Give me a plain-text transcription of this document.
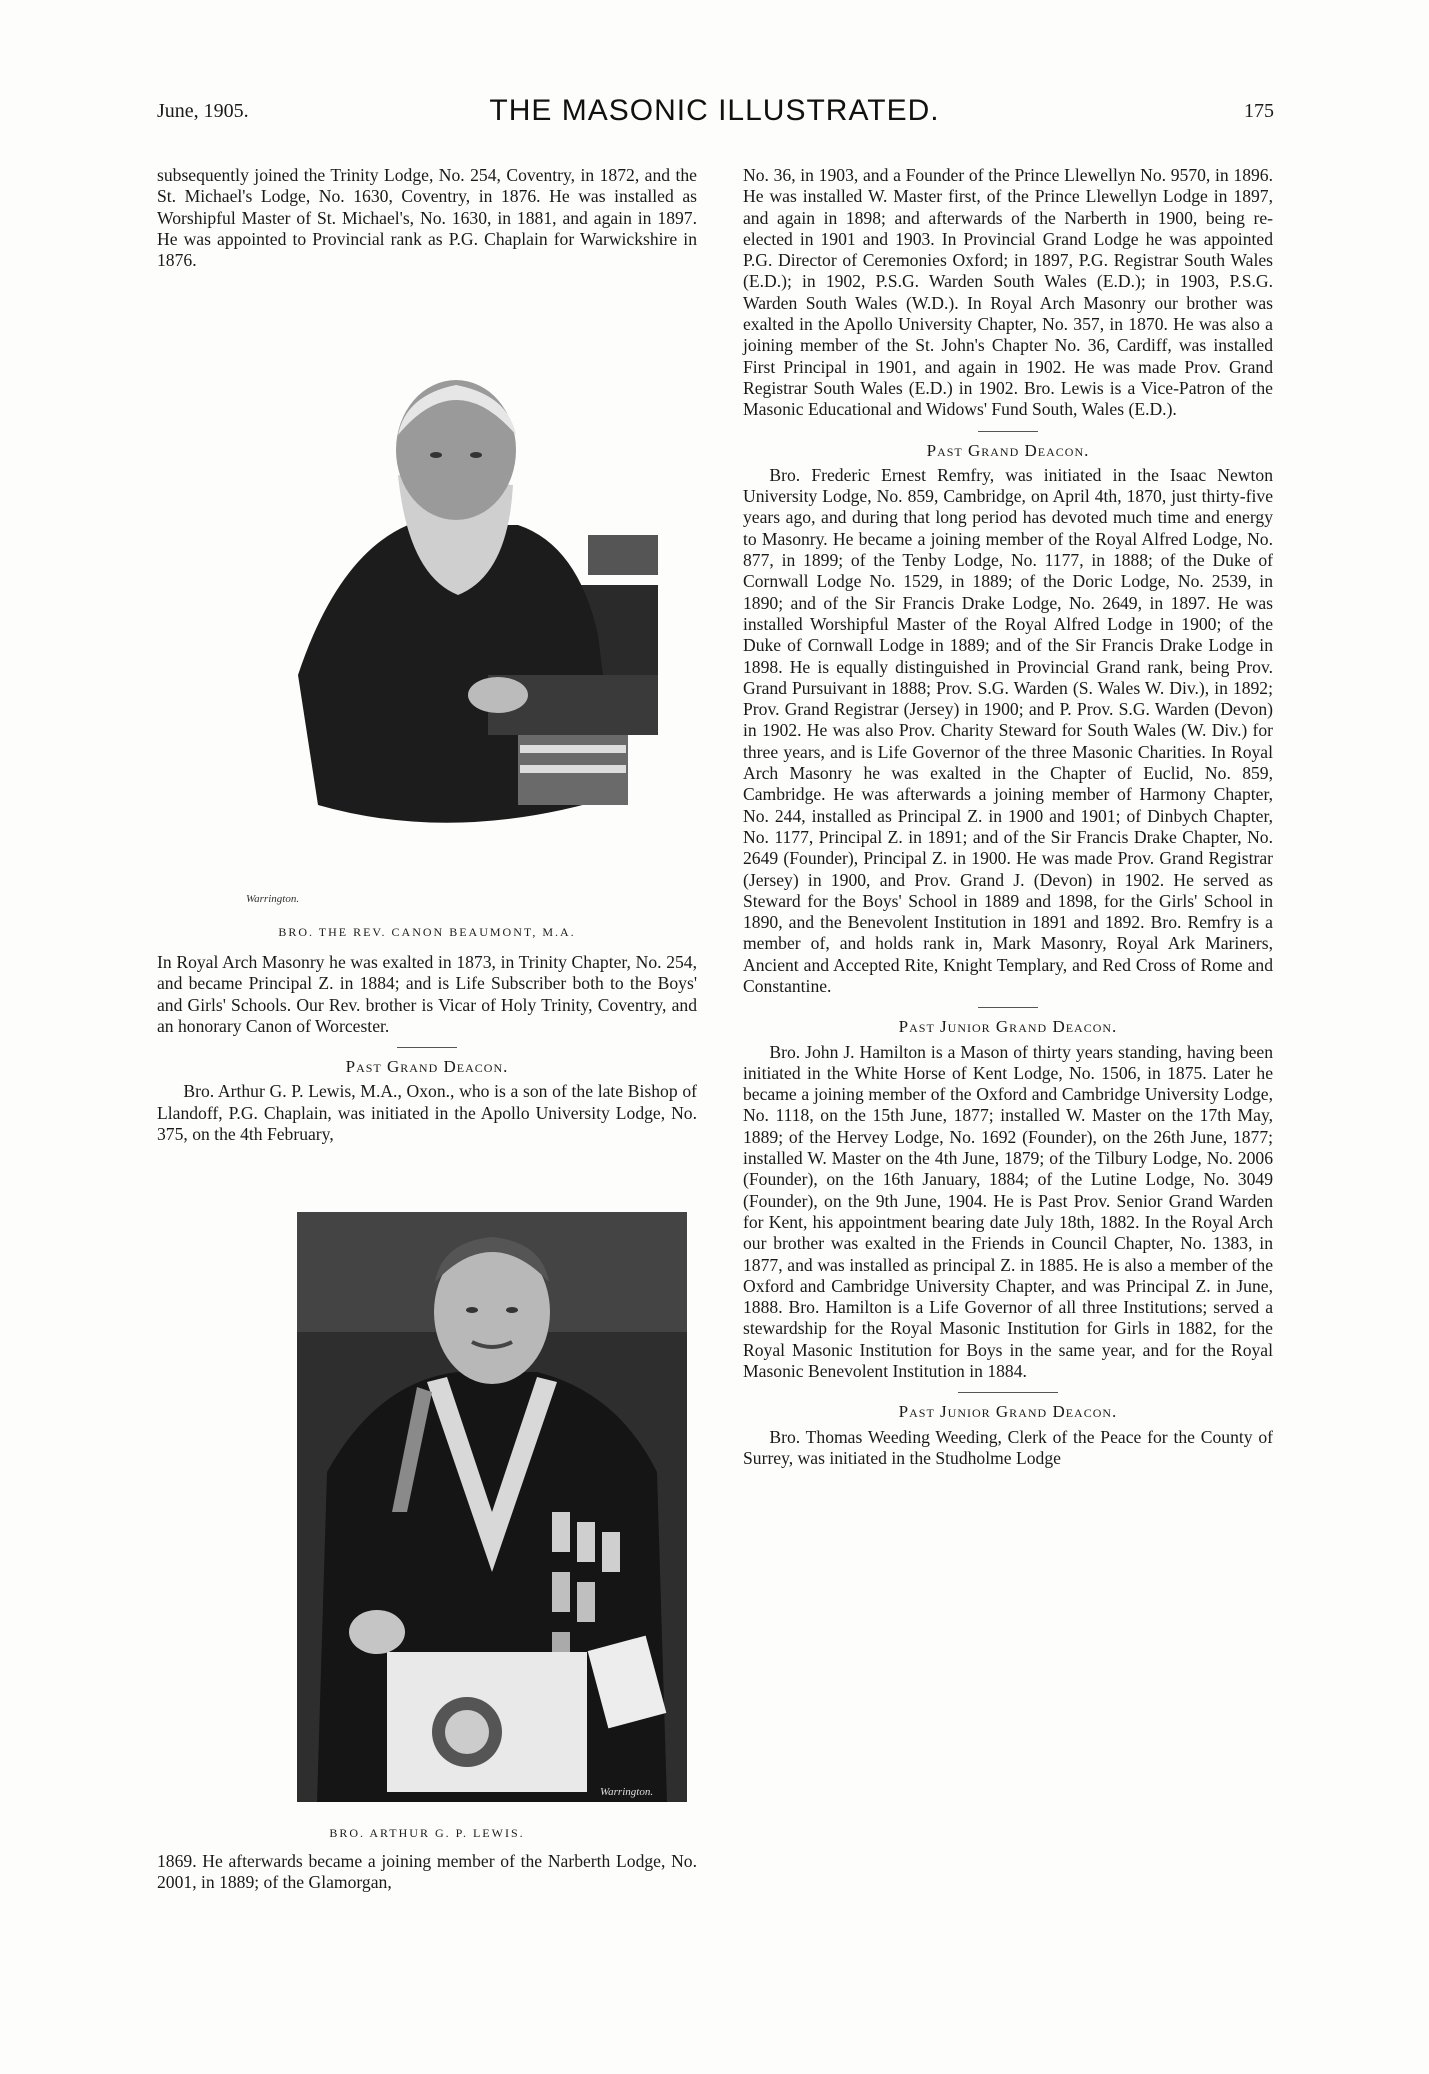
June, 1905.	THE MASONIC ILLUSTRATED.	175

subsequently joined the Trinity Lodge, No. 254, Coventry, in 1872, and the St. Michael's Lodge, No. 1630, Coventry, in 1876. He was installed as Worshipful Master of St. Michael's, No. 1630, in 1881, and again in 1897. He was appointed to Provincial rank as P.G. Chaplain for Warwickshire in 1876.

Warrington.
BRO. THE REV. CANON BEAUMONT, M.A.

In Royal Arch Masonry he was exalted in 1873, in Trinity Chapter, No. 254, and became Principal Z. in 1884; and is Life Subscriber both to the Boys' and Girls' Schools. Our Rev. brother is Vicar of Holy Trinity, Coventry, and an honorary Canon of Worcester.

Past Grand Deacon.

Bro. Arthur G. P. Lewis, M.A., Oxon., who is a son of the late Bishop of Llandoff, P.G. Chaplain, was initiated in the Apollo University Lodge, No. 375, on the 4th February,

Warrington.
BRO. ARTHUR G. P. LEWIS.

1869. He afterwards became a joining member of the Narberth Lodge, No. 2001, in 1889; of the Glamorgan,

No. 36, in 1903, and a Founder of the Prince Llewellyn No. 9570, in 1896. He was installed W. Master first, of the Prince Llewellyn Lodge in 1897, and again in 1898; and afterwards of the Narberth in 1900, being re-elected in 1901 and 1903. In Provincial Grand Lodge he was appointed P.G. Director of Ceremonies Oxford; in 1897, P.G. Registrar South Wales (E.D.); in 1902, P.S.G. Warden South Wales (E.D.); in 1903, P.S.G. Warden South Wales (W.D.). In Royal Arch Masonry our brother was exalted in the Apollo University Chapter, No. 357, in 1870. He was also a joining member of the St. John's Chapter No. 36, Cardiff, was installed First Principal in 1901, and again in 1902. He was made Prov. Grand Registrar South Wales (E.D.) in 1902. Bro. Lewis is a Vice-Patron of the Masonic Educational and Widows' Fund South, Wales (E.D.).

Past Grand Deacon.

Bro. Frederic Ernest Remfry, was initiated in the Isaac Newton University Lodge, No. 859, Cambridge, on April 4th, 1870, just thirty-five years ago, and during that long period has devoted much time and energy to Masonry. He became a joining member of the Royal Alfred Lodge, No. 877, in 1899; of the Tenby Lodge, No. 1177, in 1888; of the Duke of Cornwall Lodge No. 1529, in 1889; of the Doric Lodge, No. 2539, in 1890; and of the Sir Francis Drake Lodge, No. 2649, in 1897. He was installed Worshipful Master of the Royal Alfred Lodge in 1900; of the Duke of Cornwall Lodge in 1889; and of the Sir Francis Drake Lodge in 1898. He is equally distinguished in Provincial Grand rank, being Prov. Grand Pursuivant in 1888; Prov. S.G. Warden (S. Wales W. Div.), in 1892; Prov. Grand Registrar (Jersey) in 1900; and P. Prov. S.G. Warden (Devon) in 1902. He was also Prov. Charity Steward for South Wales (W. Div.) for three years, and is Life Governor of the three Masonic Charities. In Royal Arch Masonry he was exalted in the Chapter of Euclid, No. 859, Cambridge. He was afterwards a joining member of Harmony Chapter, No. 244, installed as Principal Z. in 1900 and 1901; of Dinbych Chapter, No. 1177, Principal Z. in 1891; and of the Sir Francis Drake Chapter, No. 2649 (Founder), Principal Z. in 1900. He was made Prov. Grand Registrar (Jersey) in 1900, and Prov. Grand J. (Devon) in 1902. He served as Steward for the Boys' School in 1889 and 1898, for the Girls' School in 1890, and the Benevolent Institution in 1891 and 1892. Bro. Remfry is a member of, and holds rank in, Mark Masonry, Royal Ark Mariners, Ancient and Accepted Rite, Knight Templary, and Red Cross of Rome and Constantine.

Past Junior Grand Deacon.

Bro. John J. Hamilton is a Mason of thirty years standing, having been initiated in the White Horse of Kent Lodge, No. 1506, in 1875. Later he became a joining member of the Oxford and Cambridge University Lodge, No. 1118, on the 15th June, 1877; installed W. Master on the 17th May, 1889; of the Hervey Lodge, No. 1692 (Founder), on the 26th June, 1877; installed W. Master on the 4th June, 1879; of the Tilbury Lodge, No. 2006 (Founder), on the 16th January, 1884; of the Lutine Lodge, No. 3049 (Founder), on the 9th June, 1904. He is Past Prov. Senior Grand Warden for Kent, his appointment bearing date July 18th, 1882. In the Royal Arch our brother was exalted in the Friends in Council Chapter, No. 1383, in 1877, and was installed as principal Z. in 1885. He is also a member of the Oxford and Cambridge University Chapter, and was Principal Z. in June, 1888. Bro. Hamilton is a Life Governor of all three Institutions; served a stewardship for the Royal Masonic Institution for Girls in 1882, for the Royal Masonic Institution for Boys in the same year, and for the Royal Masonic Benevolent Institution in 1884.

Past Junior Grand Deacon.

Bro. Thomas Weeding Weeding, Clerk of the Peace for the County of Surrey, was initiated in the Studholme Lodge
